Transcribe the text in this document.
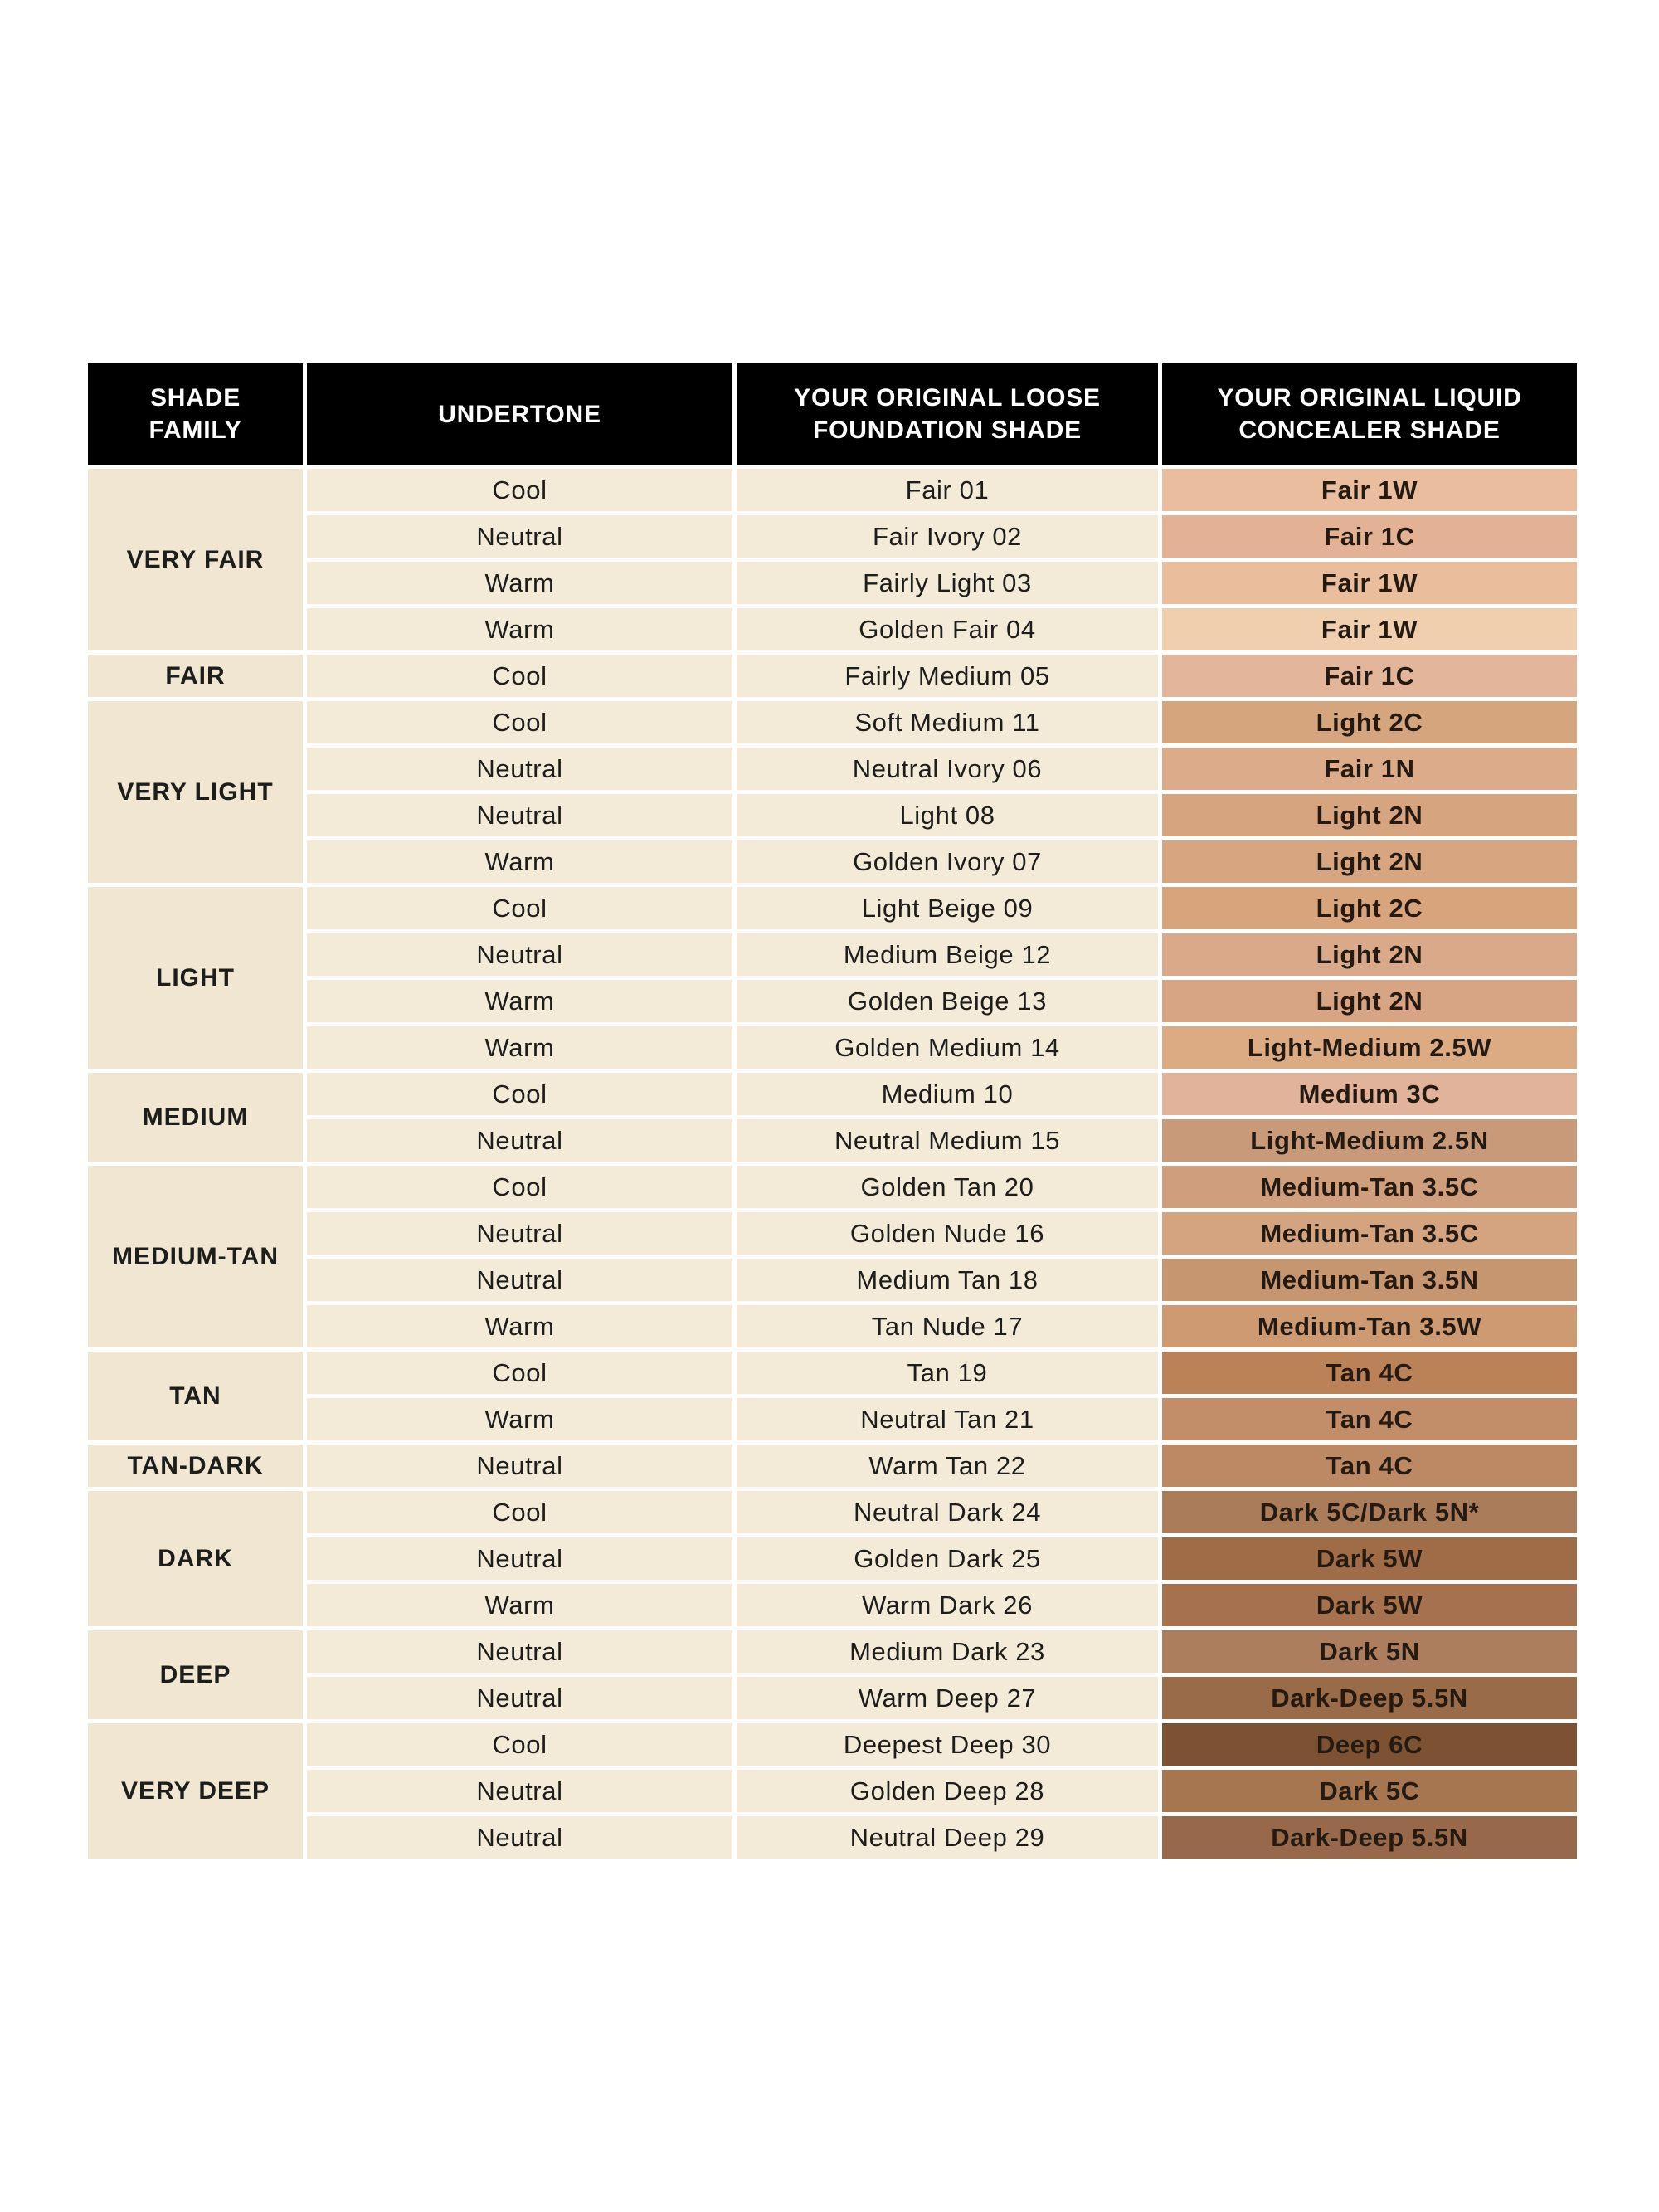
SHADE FAMILY	UNDERTONE	YOUR ORIGINAL LOOSE FOUNDATION SHADE	YOUR ORIGINAL LIQUID CONCEALER SHADE
VERY FAIR	Cool	Fair 01	Fair 1W
	Neutral	Fair Ivory 02	Fair 1C
	Warm	Fairly Light 03	Fair 1W
	Warm	Golden Fair 04	Fair 1W
FAIR	Cool	Fairly Medium 05	Fair 1C
VERY LIGHT	Cool	Soft Medium 11	Light 2C
	Neutral	Neutral Ivory 06	Fair 1N
	Neutral	Light 08	Light 2N
	Warm	Golden Ivory 07	Light 2N
LIGHT	Cool	Light Beige 09	Light 2C
	Neutral	Medium Beige 12	Light 2N
	Warm	Golden Beige 13	Light 2N
	Warm	Golden Medium 14	Light-Medium 2.5W
MEDIUM	Cool	Medium 10	Medium 3C
	Neutral	Neutral Medium 15	Light-Medium 2.5N
MEDIUM-TAN	Cool	Golden Tan 20	Medium-Tan 3.5C
	Neutral	Golden Nude 16	Medium-Tan 3.5C
	Neutral	Medium Tan 18	Medium-Tan 3.5N
	Warm	Tan Nude 17	Medium-Tan 3.5W
TAN	Cool	Tan 19	Tan 4C
	Warm	Neutral Tan 21	Tan 4C
TAN-DARK	Neutral	Warm Tan 22	Tan 4C
DARK	Cool	Neutral Dark 24	Dark 5C/Dark 5N*
	Neutral	Golden Dark 25	Dark 5W
	Warm	Warm Dark 26	Dark 5W
DEEP	Neutral	Medium Dark 23	Dark 5N
	Neutral	Warm Deep 27	Dark-Deep 5.5N
VERY DEEP	Cool	Deepest Deep 30	Deep 6C
	Neutral	Golden Deep 28	Dark 5C
	Neutral	Neutral Deep 29	Dark-Deep 5.5N
